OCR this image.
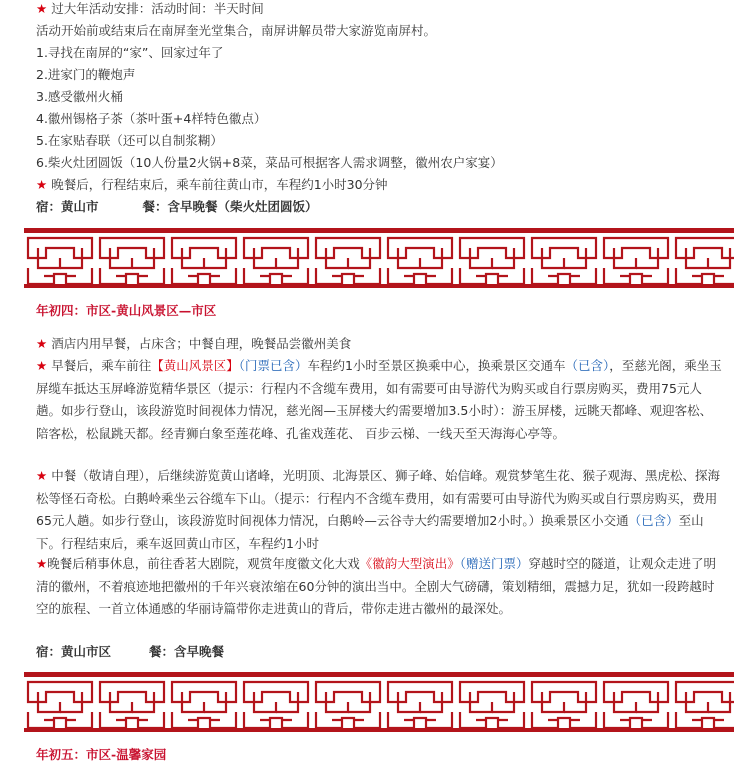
★ 过大年活动安排：活动时间：半天时间

活动开始前或结束后在南屏奎光堂集合，南屏讲解员带大家游览南屏村。

1.寻找在南屏的“家”、回家过年了

2.进家门的鞭炮声

3.感受徽州火桶

4.徽州锡格子茶（茶叶蛋+4样特色徽点）

5.在家贴春联（还可以自制浆糊）

6.柴火灶团圆饭（10人份量2火锅+8菜，菜品可根据客人需求调整，徽州农户家宴）

★ 晚餐后，行程结束后，乘车前往黄山市，车程约1小时30分钟

宿：黄山市	餐：含早晚餐（柴火灶团圆饭）

年初四：市区-黄山风景区—市区

★ 酒店内用早餐，占床含；中餐自理，晚餐品尝徽州美食

★ 早餐后，乘车前往【黄山风景区】（门票已含）车程约1小时至景区换乘中心，换乘景区交通车（已含），至慈光阁，乘坐玉屏缆车抵达玉屏峰游览精华景区（提示：行程内不含缆车费用，如有需要可由导游代为购买或自行票房购买，费用75元人趟。如步行登山，该段游览时间视体力情况，慈光阁—玉屏楼大约需要增加3.5小时）：游玉屏楼，远眺天都峰、观迎客松、陪客松，松鼠跳天都。经青狮白象至莲花峰、孔雀戏莲花、 百步云梯、一线天至天海海心亭等。

★ 中餐（敬请自理），后继续游览黄山诸峰，光明顶、北海景区、狮子峰、始信峰。观赏梦笔生花、猴子观海、黑虎松、探海松等怪石奇松。白鹅岭乘坐云谷缆车下山。（提示：行程内不含缆车费用，如有需要可由导游代为购买或自行票房购买，费用65元人趟。如步行登山，该段游览时间视体力情况，白鹅岭—云谷寺大约需要增加2小时。）换乘景区小交通（已含）至山下。行程结束后，乘车返回黄山市区，车程约1小时

★晚餐后稍事休息，前往香茗大剧院，观赏年度徽文化大戏《徽韵大型演出》（赠送门票）穿越时空的隧道，让观众走进了明清的徽州，不着痕迹地把徽州的千年兴衰浓缩在60分钟的演出当中。全剧大气磅礴，策划精细，震撼力足，犹如一段跨越时空的旅程、一首立体通感的华丽诗篇带你走进黄山的背后，带你走进古徽州的最深处。

宿：黄山市区	餐：含早晚餐

年初五：市区-温馨家园
